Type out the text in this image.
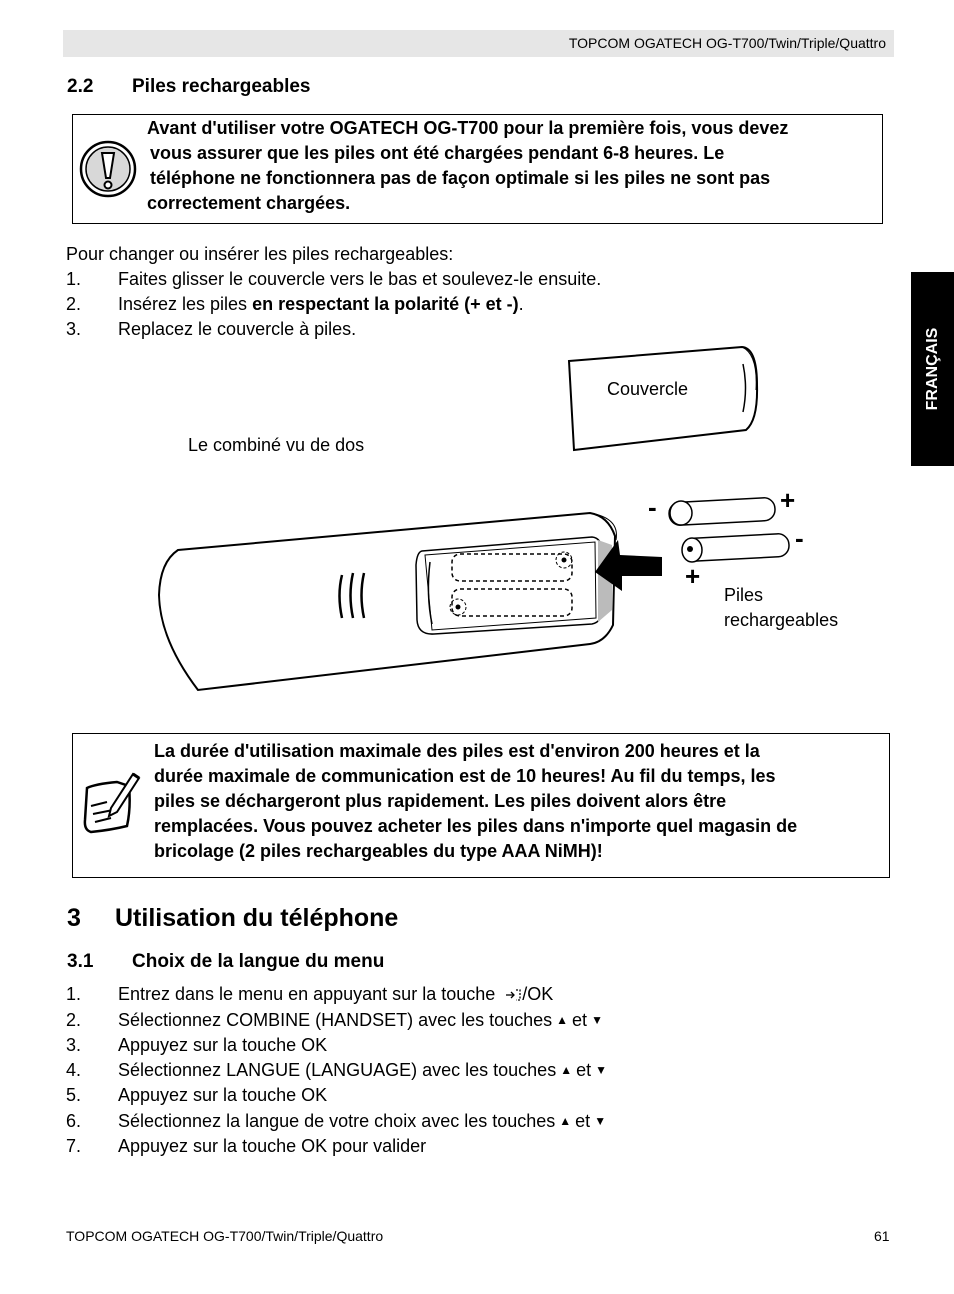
TOPCOM OGATECH OG-T700/Twin/Triple/Quattro
FRANÇAIS
2.2 Piles rechargeables
Avant d'utiliser votre OGATECH OG-T700 pour la première fois, vous devez
vous assurer que les piles ont été chargées pendant 6-8 heures. Le
téléphone ne fonctionnera pas de façon optimale si les piles ne sont pas
correctement chargées.
Pour changer ou insérer les piles rechargeables:
1. Faites glisser le couvercle vers le bas et soulevez-le ensuite.
2. Insérez les piles en respectant la polarité (+ et -).
3. Replacez le couvercle à piles.
Couvercle
Le combiné vu de dos
-	+
-
+
Piles
rechargeables
La durée d'utilisation maximale des piles est d'environ 200 heures et la
durée maximale de communication est de 10 heures! Au fil du temps, les
piles se déchargeront plus rapidement. Les piles doivent alors être
remplacées. Vous pouvez acheter les piles dans n'importe quel magasin de
bricolage (2 piles rechargeables du type AAA NiMH)!
3 Utilisation du téléphone
3.1 Choix de la langue du menu
1. Entrez dans le menu en appuyant sur la touche /OK
2. Sélectionnez COMBINE (HANDSET) avec les touches ▲ et ▼
3. Appuyez sur la touche OK
4. Sélectionnez LANGUE (LANGUAGE) avec les touches ▲ et ▼
5. Appuyez sur la touche OK
6. Sélectionnez la langue de votre choix avec les touches ▲ et ▼
7. Appuyez sur la touche OK pour valider
TOPCOM OGATECH OG-T700/Twin/Triple/Quattro	61
